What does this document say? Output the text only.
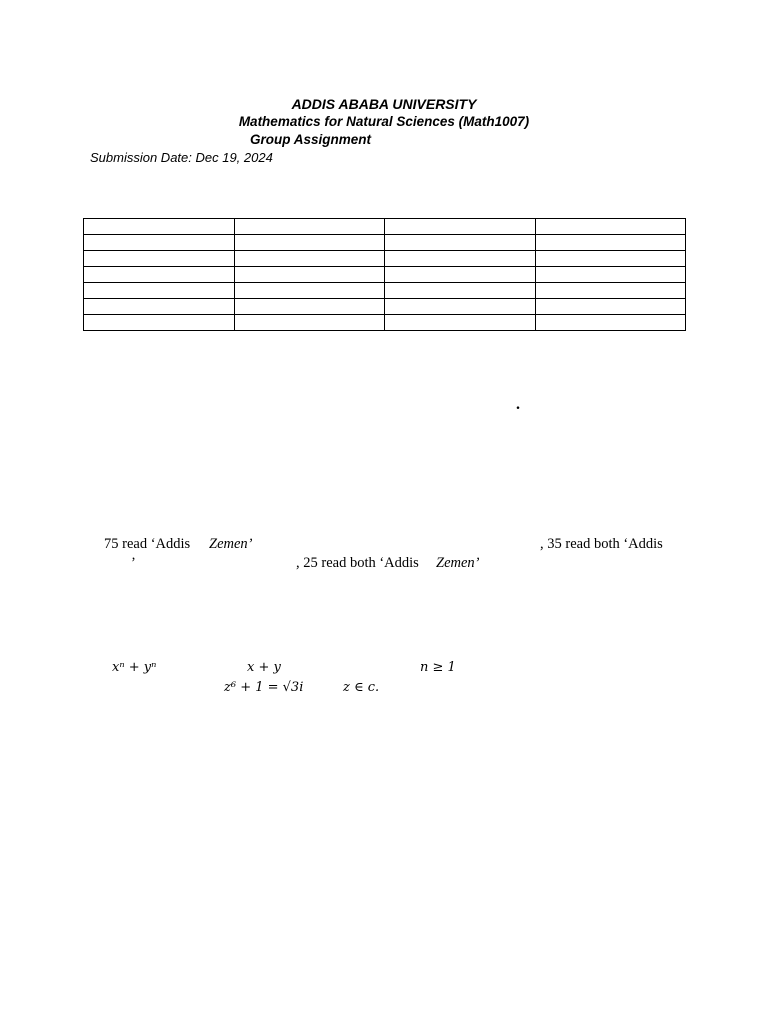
ADDIS ABABA UNIVERSITY
Mathematics for Natural Sciences (Math1007)
Group Assignment
Submission Date: Dec 19, 2024

.
75 read ‘Addis Zemen’	, 35 read both ‘Addis
’	, 25 read both ‘Addis Zemen’
xⁿ + yⁿ	x + y	n ≥ 1
z⁶ + 1 = √3i	z ∈ c.
